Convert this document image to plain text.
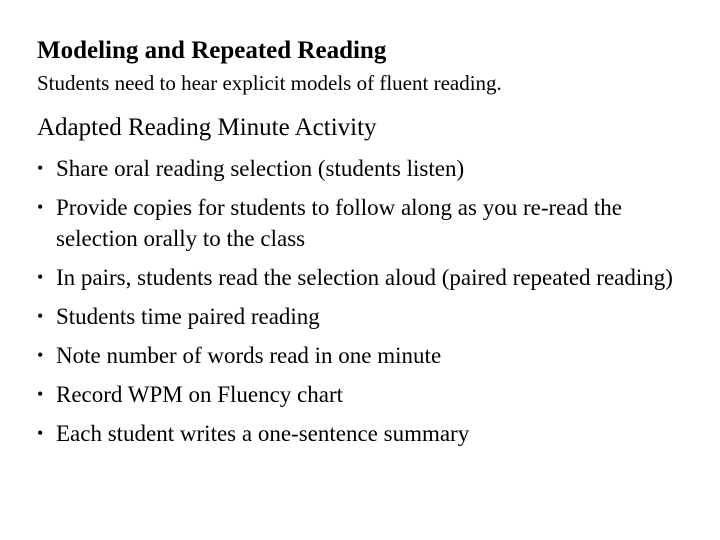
Modeling and Repeated Reading
Students need to hear explicit models of fluent reading.
Adapted Reading Minute Activity
• Share oral reading selection (students listen)
• Provide copies for students to follow along as you re-read the selection orally to the class
• In pairs, students read the selection aloud (paired repeated reading)
• Students time paired reading
• Note number of words read in one minute
• Record WPM on Fluency chart
• Each student writes a one-sentence summary
